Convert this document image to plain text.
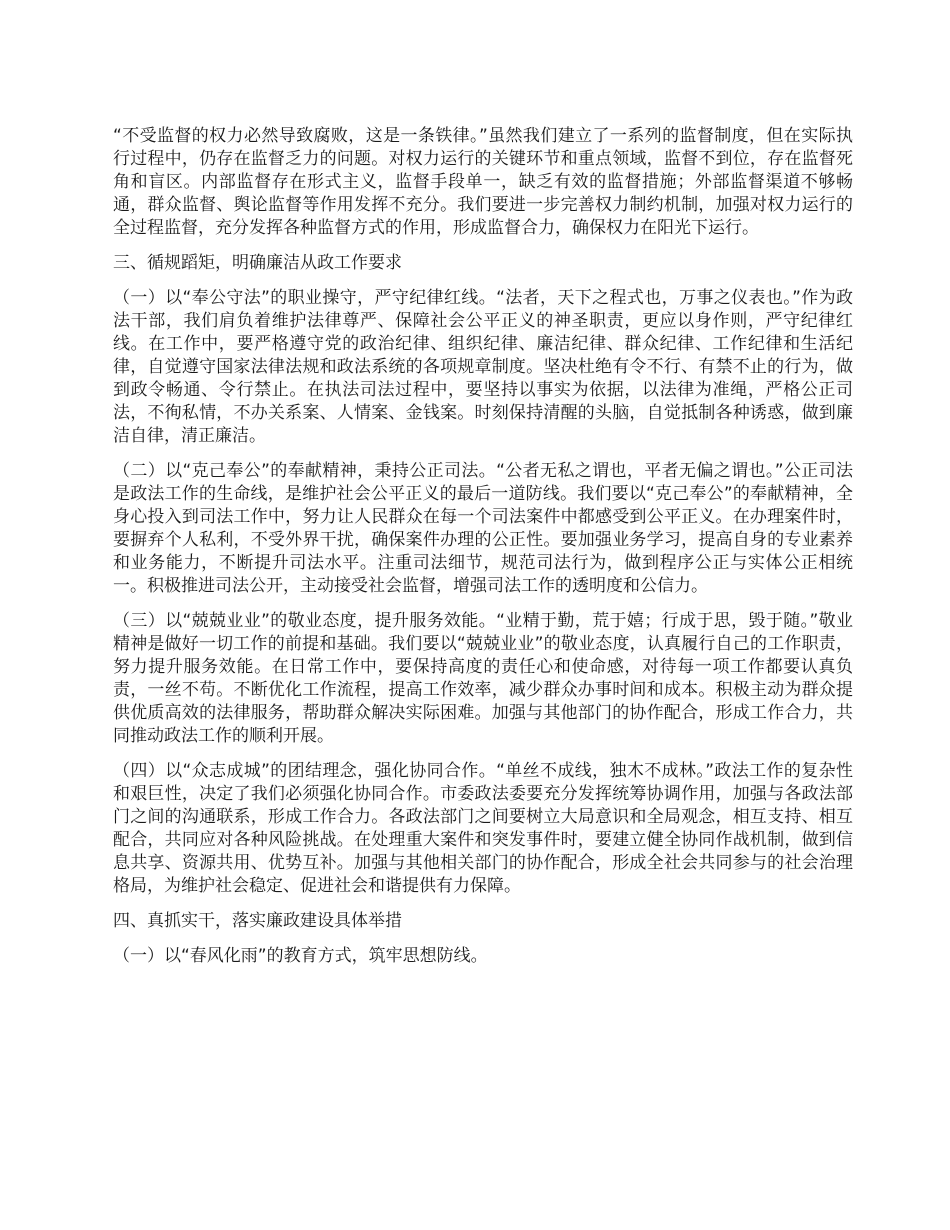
“不受监督的权力必然导致腐败，这是一条铁律。”虽然我们建立了一系列的监督制度，但在实际执行过程中，仍存在监督乏力的问题。对权力运行的关键环节和重点领域，监督不到位，存在监督死角和盲区。内部监督存在形式主义，监督手段单一，缺乏有效的监督措施；外部监督渠道不够畅通，群众监督、舆论监督等作用发挥不充分。我们要进一步完善权力制约机制，加强对权力运行的全过程监督，充分发挥各种监督方式的作用，形成监督合力，确保权力在阳光下运行。

三、循规蹈矩，明确廉洁从政工作要求

（一）以“奉公守法”的职业操守，严守纪律红线。“法者，天下之程式也，万事之仪表也。”作为政法干部，我们肩负着维护法律尊严、保障社会公平正义的神圣职责，更应以身作则，严守纪律红线。在工作中，要严格遵守党的政治纪律、组织纪律、廉洁纪律、群众纪律、工作纪律和生活纪律，自觉遵守国家法律法规和政法系统的各项规章制度。坚决杜绝有令不行、有禁不止的行为，做到政令畅通、令行禁止。在执法司法过程中，要坚持以事实为依据，以法律为准绳，严格公正司法，不徇私情，不办关系案、人情案、金钱案。时刻保持清醒的头脑，自觉抵制各种诱惑，做到廉洁自律，清正廉洁。

（二）以“克己奉公”的奉献精神，秉持公正司法。“公者无私之谓也，平者无偏之谓也。”公正司法是政法工作的生命线，是维护社会公平正义的最后一道防线。我们要以“克己奉公”的奉献精神，全身心投入到司法工作中，努力让人民群众在每一个司法案件中都感受到公平正义。在办理案件时，要摒弃个人私利，不受外界干扰，确保案件办理的公正性。要加强业务学习，提高自身的专业素养和业务能力，不断提升司法水平。注重司法细节，规范司法行为，做到程序公正与实体公正相统一。积极推进司法公开，主动接受社会监督，增强司法工作的透明度和公信力。

（三）以“兢兢业业”的敬业态度，提升服务效能。“业精于勤，荒于嬉；行成于思，毁于随。”敬业精神是做好一切工作的前提和基础。我们要以“兢兢业业”的敬业态度，认真履行自己的工作职责，努力提升服务效能。在日常工作中，要保持高度的责任心和使命感，对待每一项工作都要认真负责，一丝不苟。不断优化工作流程，提高工作效率，减少群众办事时间和成本。积极主动为群众提供优质高效的法律服务，帮助群众解决实际困难。加强与其他部门的协作配合，形成工作合力，共同推动政法工作的顺利开展。

（四）以“众志成城”的团结理念，强化协同合作。“单丝不成线，独木不成林。”政法工作的复杂性和艰巨性，决定了我们必须强化协同合作。市委政法委要充分发挥统筹协调作用，加强与各政法部门之间的沟通联系，形成工作合力。各政法部门之间要树立大局意识和全局观念，相互支持、相互配合，共同应对各种风险挑战。在处理重大案件和突发事件时，要建立健全协同作战机制，做到信息共享、资源共用、优势互补。加强与其他相关部门的协作配合，形成全社会共同参与的社会治理格局，为维护社会稳定、促进社会和谐提供有力保障。

四、真抓实干，落实廉政建设具体举措

（一）以“春风化雨”的教育方式，筑牢思想防线。
